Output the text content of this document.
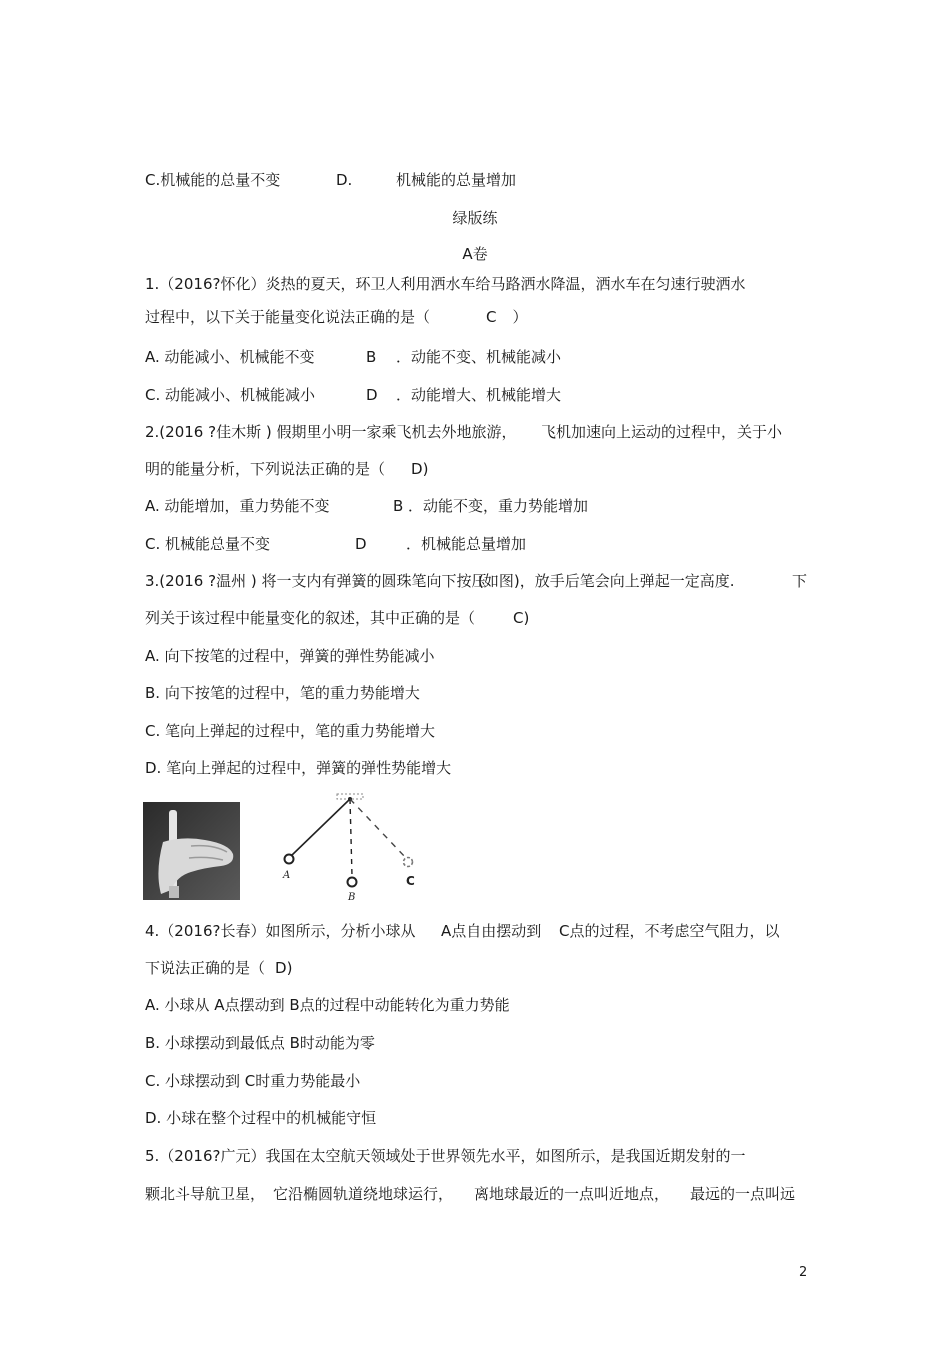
C.机械能的总量不变	D.	机械能的总量增加
绿版练
A卷
1.（2016?怀化）炎热的夏天，环卫人利用洒水车给马路洒水降温，洒水车在匀速行驶洒水
过程中，以下关于能量变化说法正确的是（	C ）
A. 动能减小、机械能不变	B ．动能不变、机械能减小
C. 动能减小、机械能减小	D ．动能增大、机械能增大
2.(2016 ?佳木斯 ) 假期里小明一家乘飞机去外地旅游， 飞机加速向上运动的过程中， 关于小
明的能量分析，下列说法正确的是（ D)
A. 动能增加，重力势能不变	B ．动能不变，重力势能增加
C. 机械能总量不变	D	．机械能总量增加
3.(2016 ?温州 ) 将一支内有弹簧的圆珠笔向下按压
(如图)，放手后笔会向上弹起一定高度.	下
列关于该过程中能量变化的叙述，其中正确的是（	C)
A. 向下按笔的过程中，弹簧的弹性势能减小
B. 向下按笔的过程中，笔的重力势能增大
C. 笔向上弹起的过程中，笔的重力势能增大
D. 笔向上弹起的过程中，弹簧的弹性势能增大
A
B
C
4.（2016?长春）如图所示，分析小球从 A点自由摆动到 C点的过程，不考虑空气阻力，以
下说法正确的是（ D)
A. 小球从 A点摆动到 B点的过程中动能转化为重力势能
B. 小球摆动到最低点 B时动能为零
C. 小球摆动到 C时重力势能最小
D. 小球在整个过程中的机械能守恒
5.（2016?广元）我国在太空航天领域处于世界领先水平，如图所示，是我国近期发射的一
颗北斗导航卫星， 它沿椭圆轨道绕地球运行， 离地球最近的一点叫近地点， 最远的一点叫远
2
